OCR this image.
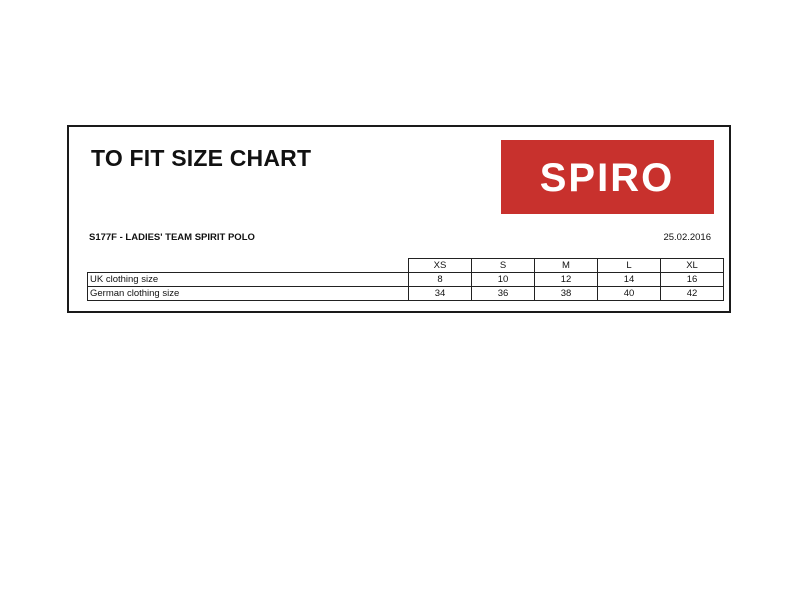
TO FIT SIZE CHART	SPIRO
S177F - LADIES' TEAM SPIRIT POLO	25.02.2016
	XS	S	M	L	XL
UK clothing size	8	10	12	14	16
German clothing size	34	36	38	40	42
